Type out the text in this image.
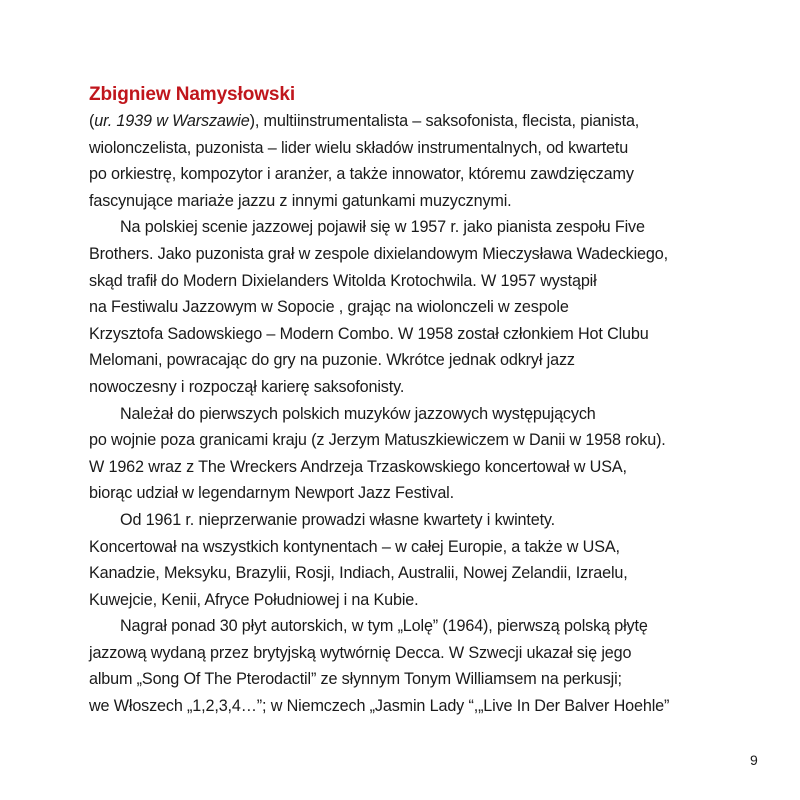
Zbigniew Namysłowski
(ur. 1939 w Warszawie), multiinstrumentalista – saksofonista, flecista, pianista,
wiolonczelista, puzonista – lider wielu składów instrumentalnych, od kwartetu
po orkiestrę, kompozytor i aranżer, a także innowator, któremu zawdzięczamy
fascynujące mariaże jazzu z innymi gatunkami muzycznymi.
Na polskiej scenie jazzowej pojawił się w 1957 r. jako pianista zespołu Five
Brothers. Jako puzonista grał w zespole dixielandowym Mieczysława Wadeckiego,
skąd trafił do Modern Dixielanders Witolda Krotochwila. W 1957 wystąpił
na Festiwalu Jazzowym w Sopocie , grając na wiolonczeli w zespole
Krzysztofa Sadowskiego – Modern Combo. W 1958 został członkiem Hot Clubu
Melomani, powracając do gry na puzonie. Wkrótce jednak odkrył jazz
nowoczesny i rozpoczął karierę saksofonisty.
Należał do pierwszych polskich muzyków jazzowych występujących
po wojnie poza granicami kraju (z Jerzym Matuszkiewiczem w Danii w 1958 roku).
W 1962 wraz z The Wreckers Andrzeja Trzaskowskiego koncertował w USA,
biorąc udział w legendarnym Newport Jazz Festival.
Od 1961 r. nieprzerwanie prowadzi własne kwartety i kwintety.
Koncertował na wszystkich kontynentach – w całej Europie, a także w USA,
Kanadzie, Meksyku, Brazylii, Rosji, Indiach, Australii, Nowej Zelandii, Izraelu,
Kuwejcie, Kenii, Afryce Południowej i na Kubie.
Nagrał ponad 30 płyt autorskich, w tym „Lolę” (1964), pierwszą polską płytę
jazzową wydaną przez brytyjską wytwórnię Decca. W Szwecji ukazał się jego
album „Song Of The Pterodactil” ze słynnym Tonym Williamsem na perkusji;
we Włoszech „1,2,3,4…”; w Niemczech „Jasmin Lady “,„Live In Der Balver Hoehle”
9
